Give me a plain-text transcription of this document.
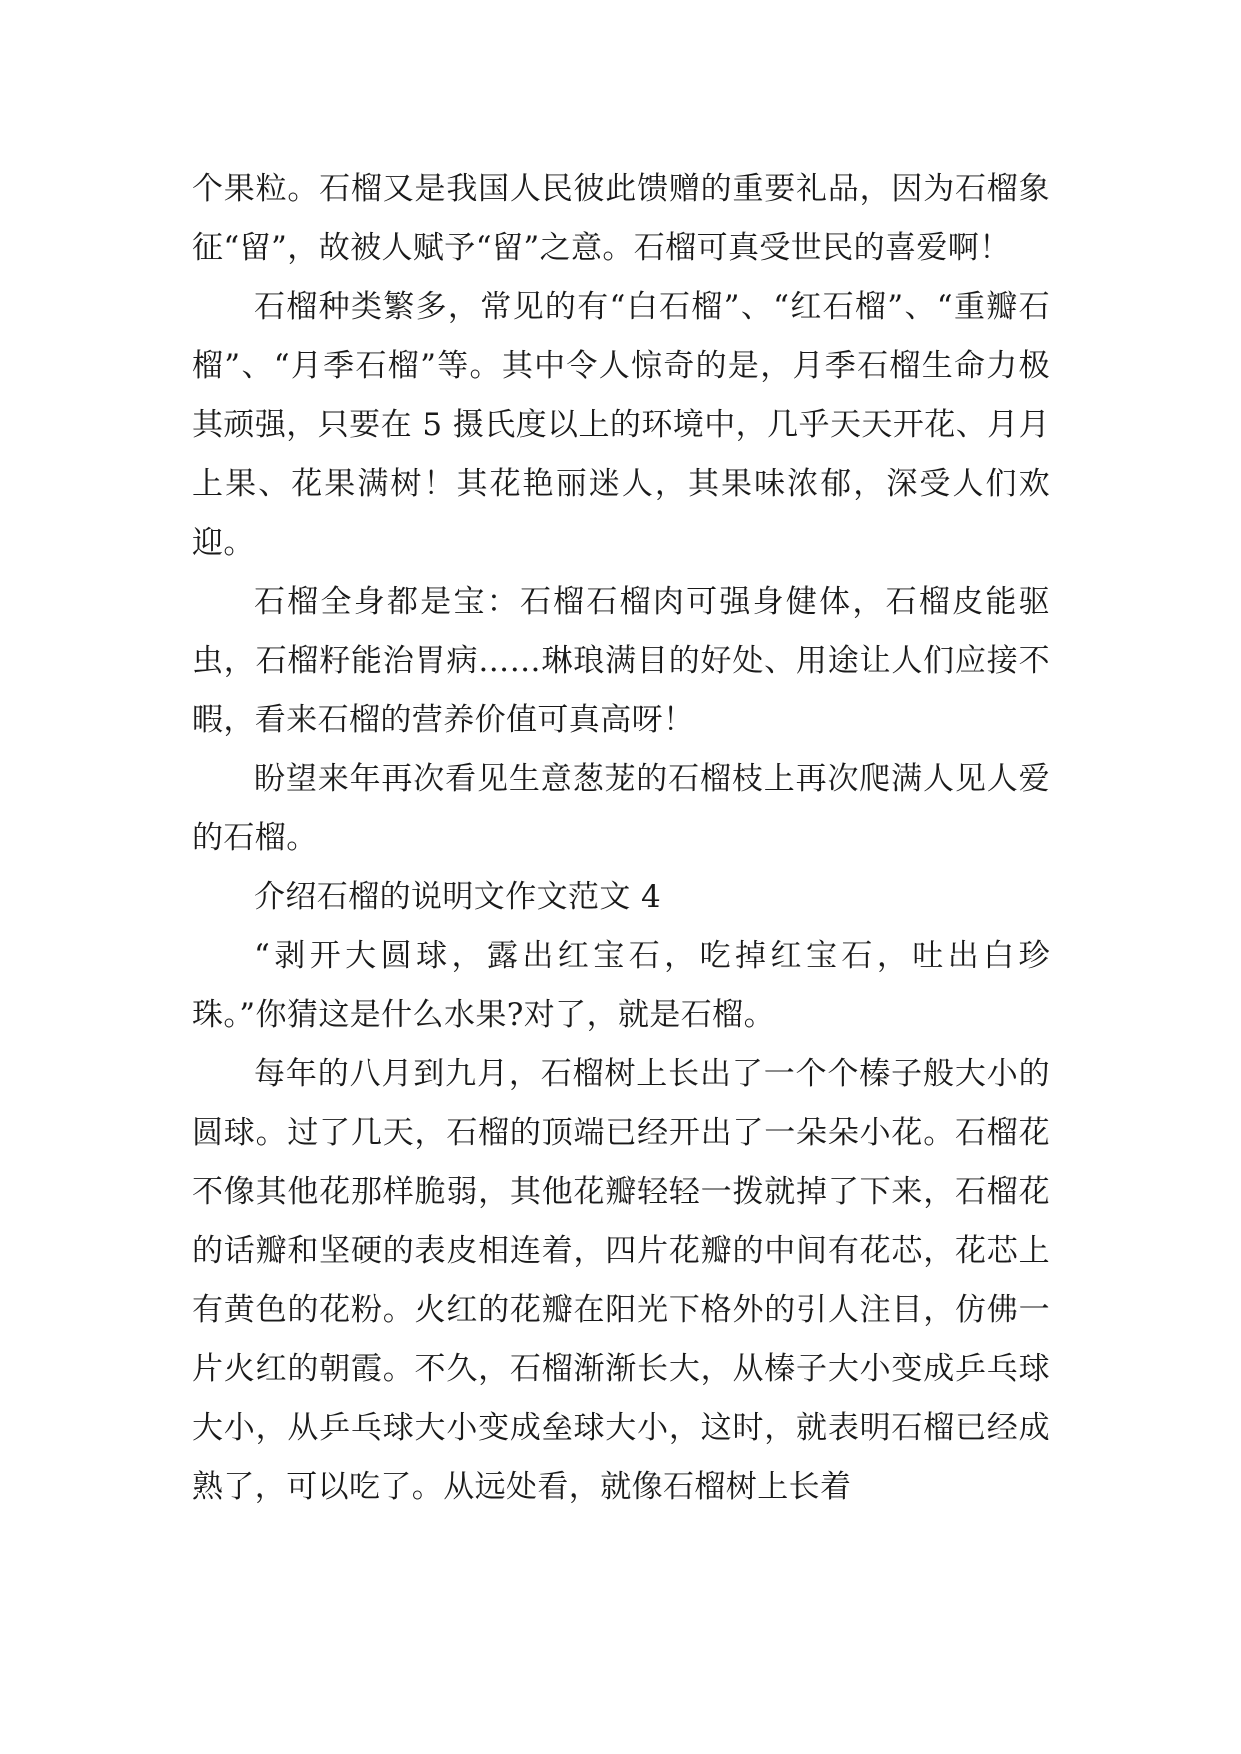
个果粒。石榴又是我国人民彼此馈赠的重要礼品，因为石榴象征“留”，故被人赋予“留”之意。石榴可真受世民的喜爱啊！

石榴种类繁多，常见的有“白石榴”、“红石榴”、“重瓣石榴”、“月季石榴”等。其中令人惊奇的是，月季石榴生命力极其顽强，只要在 5 摄氏度以上的环境中，几乎天天开花、月月上果、花果满树！其花艳丽迷人，其果味浓郁，深受人们欢迎。

石榴全身都是宝：石榴石榴肉可强身健体，石榴皮能驱虫，石榴籽能治胃病……琳琅满目的好处、用途让人们应接不暇，看来石榴的营养价值可真高呀！

盼望来年再次看见生意葱茏的石榴枝上再次爬满人见人爱的石榴。

介绍石榴的说明文作文范文 4

“剥开大圆球，露出红宝石，吃掉红宝石，吐出白珍珠。”你猜这是什么水果?对了，就是石榴。

每年的八月到九月，石榴树上长出了一个个榛子般大小的圆球。过了几天，石榴的顶端已经开出了一朵朵小花。石榴花不像其他花那样脆弱，其他花瓣轻轻一拨就掉了下来，石榴花的话瓣和坚硬的表皮相连着，四片花瓣的中间有花芯，花芯上有黄色的花粉。火红的花瓣在阳光下格外的引人注目，仿佛一片火红的朝霞。不久，石榴渐渐长大，从榛子大小变成乒乓球大小，从乒乓球大小变成垒球大小，这时，就表明石榴已经成熟了，可以吃了。从远处看，就像石榴树上长着
